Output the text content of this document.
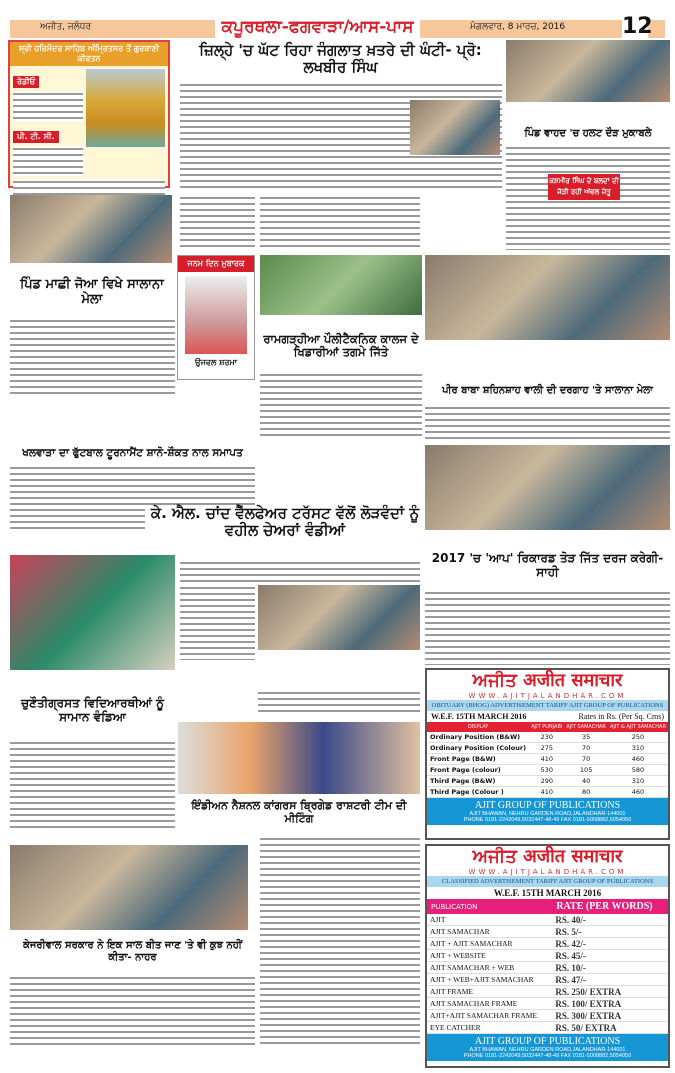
ਅਜੀਤ, ਜਲੰਧਰ	ਕਪੂਰਥਲਾ-ਫਗਵਾੜਾ/ਆਸ-ਪਾਸ	ਮੰਗਲਵਾਰ, 8 ਮਾਰਚ, 2016	12
ਸ੍ਰੀ ਹਰਿਮੰਦਰ ਸਾਹਿਬ ਅੰਮ੍ਰਿਤਸਰ ਤੋਂ ਗੁਰਬਾਣੀ ਕੀਰਤਨ
ਰੇਡੀਓ
ਪੀ. ਟੀ. ਸੀ.
ਜ਼ਿਲ੍ਹੇ 'ਚ ਘੱਟ ਰਿਹਾ ਜੰਗਲਾਤ ਖ਼ਤਰੇ ਦੀ ਘੰਟੀ- ਪ੍ਰੋ: ਲਖਬੀਰ ਸਿੰਘ
ਪਿੰਡ ਵਾਹਦ 'ਚ ਹਲਟ ਦੌੜ ਮੁਕਾਬਲੇ
ਕਸ਼ਮੀਰ ਸਿੰਘ ਦੇ ਬਲਦਾਂ ਦੀ ਜੋੜੀ ਰਹੀ ਅੱਵਲ ਜੇਤੂ
ਪਿੰਡ ਮਾਛੀ ਜੋਆ ਵਿਖੇ ਸਾਲਾਨਾ ਮੇਲਾ
ਜਨਮ ਦਿਨ ਮੁਬਾਰਕ
ਉਜਵਲ ਸ਼ਰਮਾ
ਰਾਮਗੜ੍ਹੀਆ ਪੌਲੀਟੈਕਨਿਕ ਕਾਲਜ ਦੇ ਖਿਡਾਰੀਆਂ ਤਗਮੇ ਜਿੱਤੇ
ਪੀਰ ਬਾਬਾ ਸ਼ਹਿਨਸ਼ਾਹ ਵਾਲੀ ਦੀ ਦਰਗਾਹ 'ਤੇ ਸਾਲਾਨਾ ਮੇਲਾ
ਖਲਵਾੜਾ ਦਾ ਫੁੱਟਬਾਲ ਟੂਰਨਾਮੈਂਟ ਸ਼ਾਨੋ-ਸ਼ੌਕਤ ਨਾਲ ਸਮਾਪਤ
ਕੇ. ਐਲ. ਚਾਂਦ ਵੈੱਲਫੇਅਰ ਟਰੱਸਟ ਵੱਲੋਂ ਲੋੜਵੰਦਾਂ ਨੂੰ ਵਹੀਲ ਚੇਅਰਾਂ ਵੰਡੀਆਂ
2017 'ਚ 'ਆਪ' ਰਿਕਾਰਡ ਤੋੜ ਜਿੱਤ ਦਰਜ ਕਰੇਗੀ-ਸਾਹੀ
ਚੁਣੌਤੀਗ੍ਰਸਤ ਵਿਦਿਆਰਥੀਆਂ ਨੂੰ ਸਾਮਾਨ ਵੰਡਿਆ
ਇੰਡੀਅਨ ਨੈਸ਼ਨਲ ਕਾਂਗਰਸ ਬ੍ਰਿਗੇਡ ਰਾਸ਼ਟਰੀ ਟੀਮ ਦੀ ਮੀਟਿੰਗ
ਕੇਜਰੀਵਾਲ ਸਰਕਾਰ ਨੇ ਇਕ ਸਾਲ ਬੀਤ ਜਾਣ 'ਤੇ ਵੀ ਕੁਝ ਨਹੀਂ ਕੀਤਾ- ਨਾਹਰ
ਅਜੀਤ अजीत समाचार
WWW.AJITJALANDHAR.COM
OBITUARY (BHOG) ADVERTISEMENT TARIFF AJIT GROUP OF PUBLICATIONS
W.E.F. 15TH MARCH 2016	Rates in Rs. (Per Sq. Cms)
DISPLAY	AJIT PUNJABI	AJIT SAMACHAR	AJIT & AJIT SAMACHAR
Ordinary Position (B&W)	230	35	250
Ordinary Position (Colour)	275	70	310
Front Page (B&W)	410	70	460
Front Page (colour)	530	105	580
Third Page (B&W)	290	40	310
Third Page (Colour )	410	80	460
AJIT GROUP OF PUBLICATIONS
AJIT BHAWAN, NEHRU GARDEN ROAD,JALANDHAR-144001
PHONE 0181-2242049,5032447-48-49 FAX 0181-5008882,5054050
ਅਜੀਤ अजीत समाचार
WWW.AJITJALANDHAR.COM
CLASSIFIED ADVERTISEMENT TARIFF AJIT GROUP OF PUBLICATIONS
W.E.F. 15TH MARCH 2016
PUBLICATION	RATE (PER WORDS)
AJIT	RS. 40/-
AJIT SAMACHAR	RS. 5/-
AJIT + AJIT SAMACHAR	RS. 42/-
AJIT + WEBSITE	RS. 45/-
AJIT SAMACHAR + WEB	RS. 10/-
AJIT + WEB+AJIT SAMACHAR	RS. 47/-
AJIT FRAME	RS. 250/ EXTRA
AJIT SAMACHAR FRAME	RS. 100/ EXTRA
AJIT+AJIT SAMACHAR FRAME	RS. 300/ EXTRA
EYE CATCHER	RS. 50/ EXTRA
AJIT GROUP OF PUBLICATIONS
AJIT BHAWAN, NEHRU GARDEN ROAD,JALANDHAR-144001
PHONE 0181-2242049,5032447-48-49 FAX 0181-5008882,5054050
